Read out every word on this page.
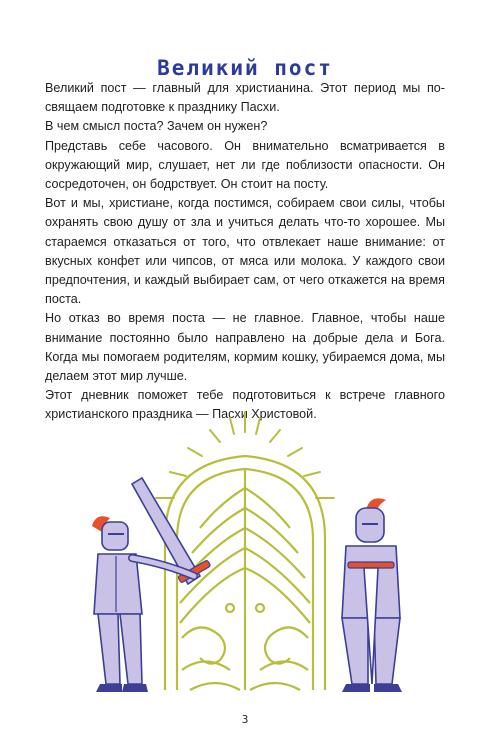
Великий пост

Великий пост — главный для христианина. Этот период мы посвящаем подготовке к празднику Пасхи.

В чем смысл поста? Зачем он нужен?

Представь себе часового. Он внимательно всматривается в окружающий мир, слушает, нет ли где поблизости опасности. Он сосредоточен, он бодрствует. Он стоит на посту.

Вот и мы, христиане, когда постимся, собираем свои силы, чтобы охранять свою душу от зла и учиться делать что-то хорошее. Мы стараемся отказаться от того, что отвлекает наше внимание: от вкусных конфет или чипсов, от мяса или молока. У каждого свои предпочтения, и каждый выбирает сам, от чего откажется на время поста.

Но отказ во время поста — не главное. Главное, чтобы наше внимание постоянно было направлено на добрые дела и Бога. Когда мы помогаем родителям, кормим кошку, убираемся дома, мы делаем этот мир лучше.

Этот дневник поможет тебе подготовиться к встрече главного христианского праздника — Пасхи Христовой.

3
